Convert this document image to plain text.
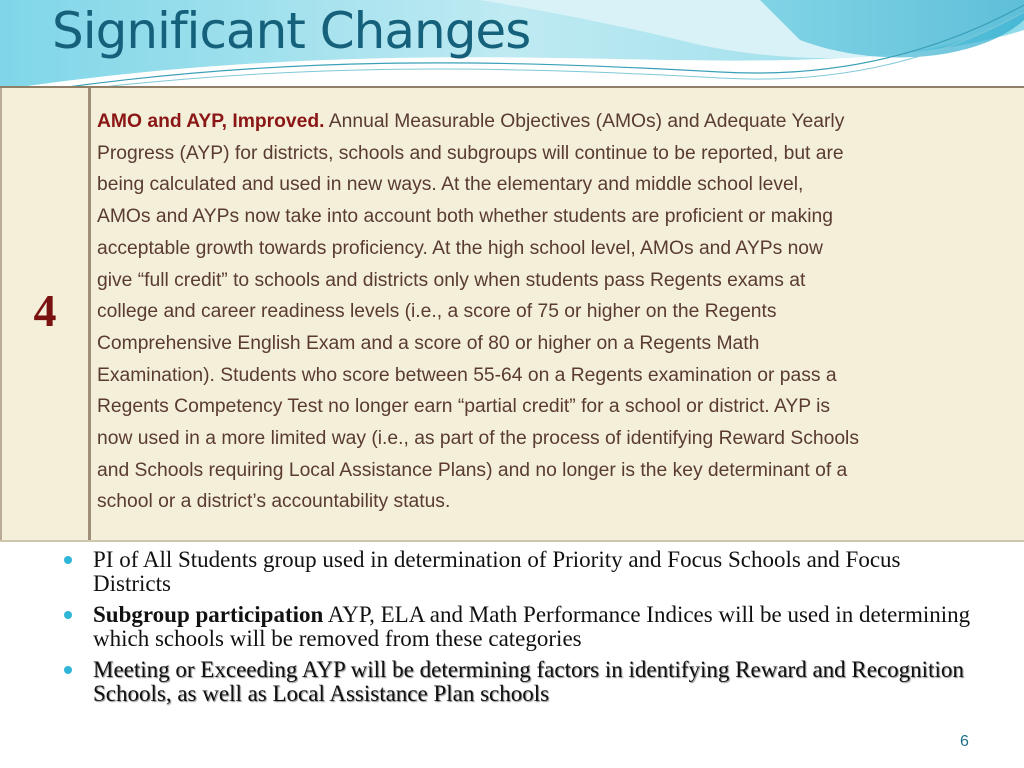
Significant Changes
4
AMO and AYP, Improved. Annual Measurable Objectives (AMOs) and Adequate Yearly
Progress (AYP) for districts, schools and subgroups will continue to be reported, but are
being calculated and used in new ways. At the elementary and middle school level,
AMOs and AYPs now take into account both whether students are proficient or making
acceptable growth towards proficiency. At the high school level, AMOs and AYPs now
give “full credit” to schools and districts only when students pass Regents exams at
college and career readiness levels (i.e., a score of 75 or higher on the Regents
Comprehensive English Exam and a score of 80 or higher on a Regents Math
Examination). Students who score between 55-64 on a Regents examination or pass a
Regents Competency Test no longer earn “partial credit” for a school or district. AYP is
now used in a more limited way (i.e., as part of the process of identifying Reward Schools
and Schools requiring Local Assistance Plans) and no longer is the key determinant of a
school or a district’s accountability status.
PI of All Students group used in determination of Priority and Focus Schools and Focus Districts
Subgroup participation AYP, ELA and Math Performance Indices will be used in determining which schools will be removed from these categories
Meeting or Exceeding AYP will be determining factors in identifying Reward and Recognition Schools, as well as Local Assistance Plan schools
6
